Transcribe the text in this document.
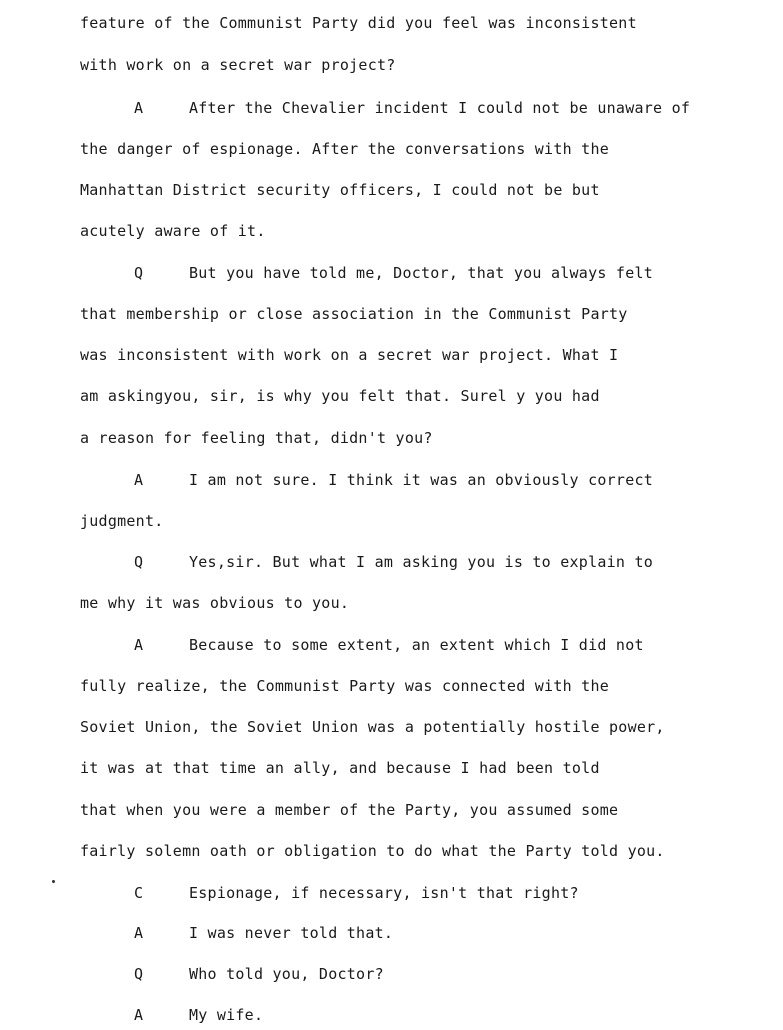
feature of the Communist Party did you feel was inconsistent
with work on a secret war project?
A	After the Chevalier incident I could not be unaware of
the danger of espionage. After the conversations with the
Manhattan District security officers, I could not be but
acutely aware of it.
Q	But you have told me, Doctor, that you always felt
that membership or close association in the Communist Party
was inconsistent with work on a secret war project. What I
am askingyou, sir, is why you felt that. Surel y you had
a reason for feeling that, didn't you?
A	I am not sure. I think it was an obviously correct
judgment.
Q	Yes,sir. But what I am asking you is to explain to
me why it was obvious to you.
A	Because to some extent, an extent which I did not
fully realize, the Communist Party was connected with the
Soviet Union, the Soviet Union was a potentially hostile power,
it was at that time an ally, and because I had been told
that when you were a member of the Party, you assumed some
fairly solemn oath or obligation to do what the Party told you.
C	Espionage, if necessary, isn't that right?
A	I was never told that.
Q	Who told you, Doctor?
A	My wife.
